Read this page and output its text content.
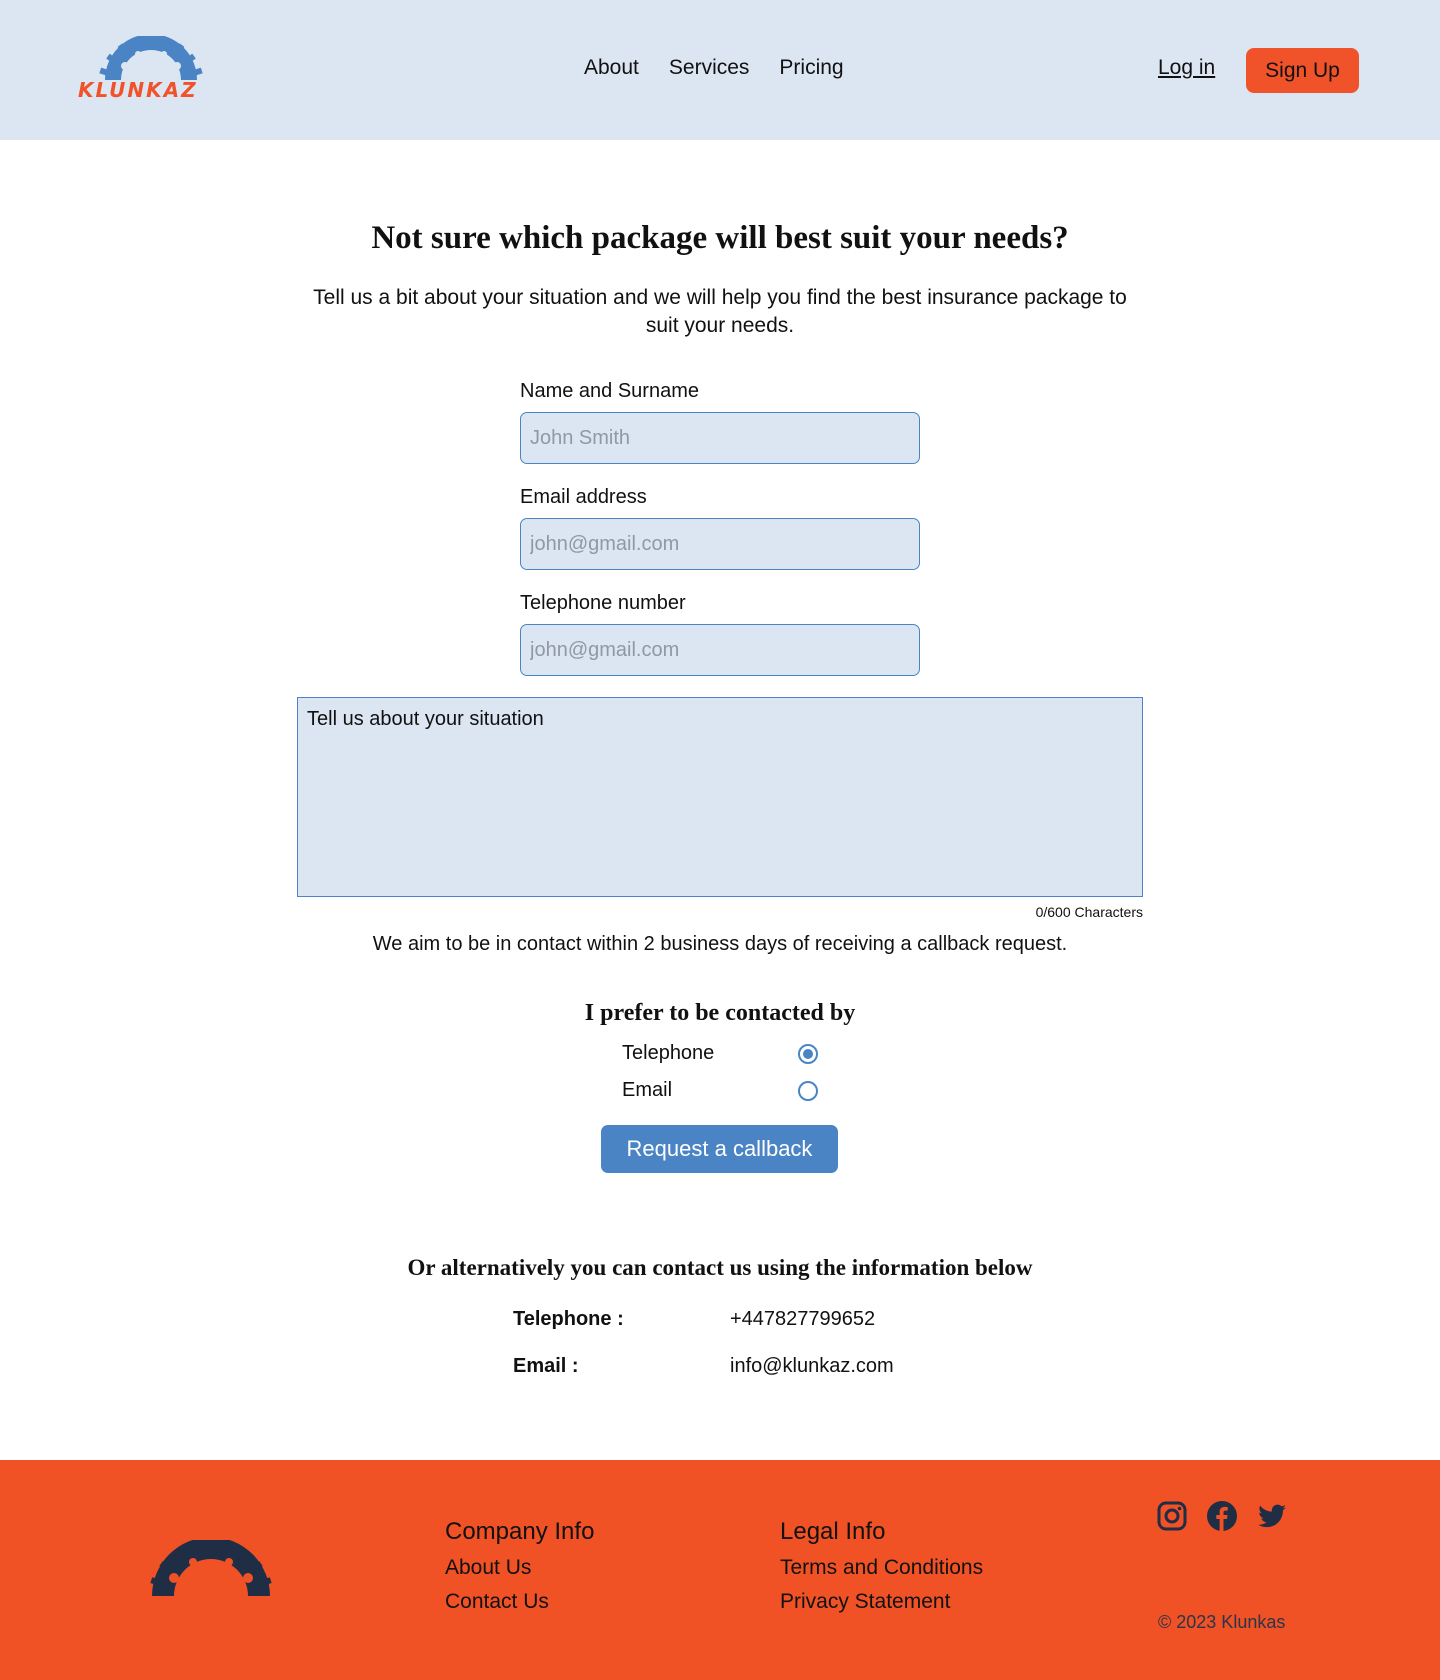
KLUNKAZ
About Services Pricing	Log in	Sign Up
Not sure which package will best suit your needs?

Tell us a bit about your situation and we will help you find the best insurance package to suit your needs.

Name and Surname
John Smith
Email address
john@gmail.com
Telephone number
john@gmail.com
Tell us about your situation
0/600 Characters

We aim to be in contact within 2 business days of receiving a callback request.

I prefer to be contacted by
Telephone
Email
Request a callback
Or alternatively you can contact us using the information below
Telephone :	+447827799652
Email :	info@klunkaz.com
Company Info
About Us
Contact Us
Legal Info
Terms and Conditions
Privacy Statement
© 2023 Klunkas
